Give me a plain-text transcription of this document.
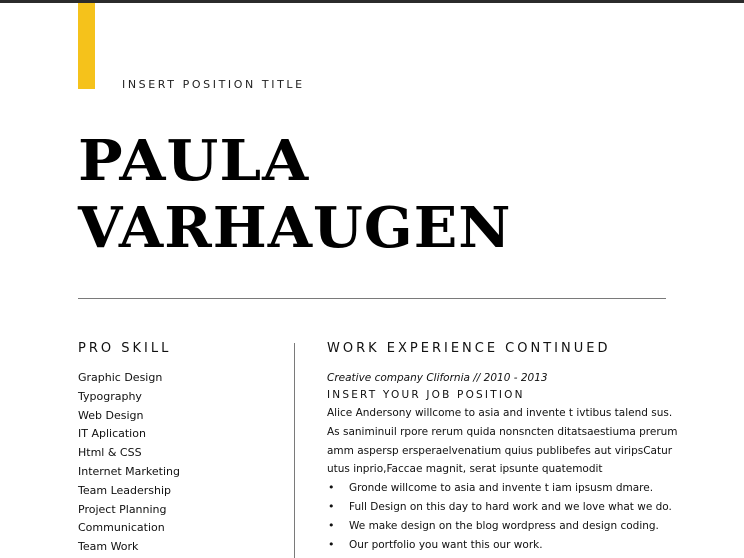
INSERT POSITION TITLE
PAULA
VARHAUGEN
PRO SKILL	WORK EXPERIENCE CONTINUED
Graphic Design
Typography
Web Design
IT Aplication
Html & CSS
Internet Marketing
Team Leadership
Project Planning
Communication
Team Work
Creative company Clifornia // 2010 - 2013
INSERT YOUR JOB POSITION
Alice Andersony willcome to asia and invente t ivtibus talend sus.
As saniminuil rpore rerum quida nonsncten ditatsaestiuma prerum
amm aspersp ersperaelvenatium quius publibefes aut viripsCatur
utus inprio,Faccae magnit, serat ipsunte quatemodit
• Gronde willcome to asia and invente t iam ipsusm dmare.
• Full Design on this day to hard work and we love what we do.
• We make design on the blog wordpress and design coding.
• Our portfolio you want this our work.
